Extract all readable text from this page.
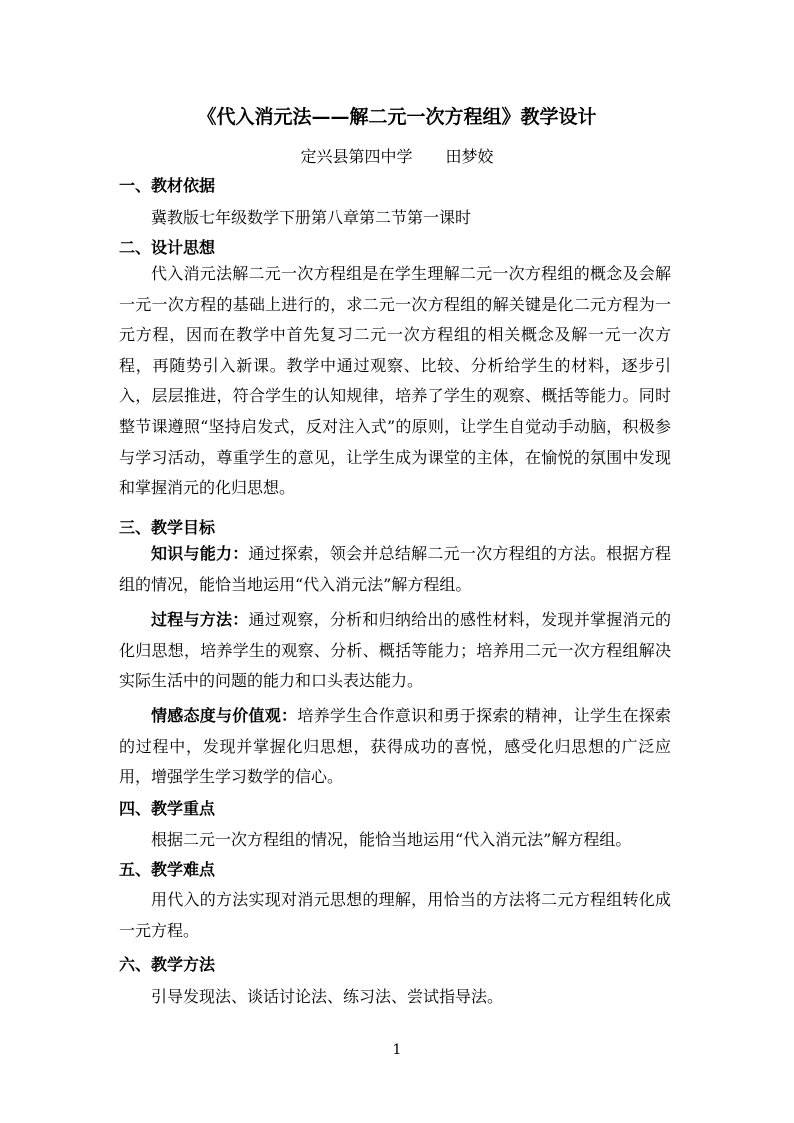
《代入消元法——解二元一次方程组》教学设计
定兴县第四中学 田梦姣
一、教材依据

冀教版七年级数学下册第八章第二节第一课时

二、设计思想

代入消元法解二元一次方程组是在学生理解二元一次方程组的概念及会解一元一次方程的基础上进行的，求二元一次方程组的解关键是化二元方程为一元方程，因而在教学中首先复习二元一次方程组的相关概念及解一元一次方程，再随势引入新课。教学中通过观察、比较、分析给学生的材料，逐步引入，层层推进，符合学生的认知规律，培养了学生的观察、概括等能力。同时整节课遵照“坚持启发式，反对注入式”的原则，让学生自觉动手动脑，积极参与学习活动，尊重学生的意见，让学生成为课堂的主体，在愉悦的氛围中发现和掌握消元的化归思想。

三、教学目标

知识与能力：通过探索，领会并总结解二元一次方程组的方法。根据方程组的情况，能恰当地运用“代入消元法”解方程组。

过程与方法：通过观察，分析和归纳给出的感性材料，发现并掌握消元的化归思想，培养学生的观察、分析、概括等能力；培养用二元一次方程组解决实际生活中的问题的能力和口头表达能力。

情感态度与价值观：培养学生合作意识和勇于探索的精神，让学生在探索的过程中，发现并掌握化归思想，获得成功的喜悦，感受化归思想的广泛应用，增强学生学习数学的信心。

四、教学重点

根据二元一次方程组的情况，能恰当地运用“代入消元法”解方程组。

五、教学难点

用代入的方法实现对消元思想的理解，用恰当的方法将二元方程组转化成一元方程。

六、教学方法

引导发现法、谈话讨论法、练习法、尝试指导法。

1
